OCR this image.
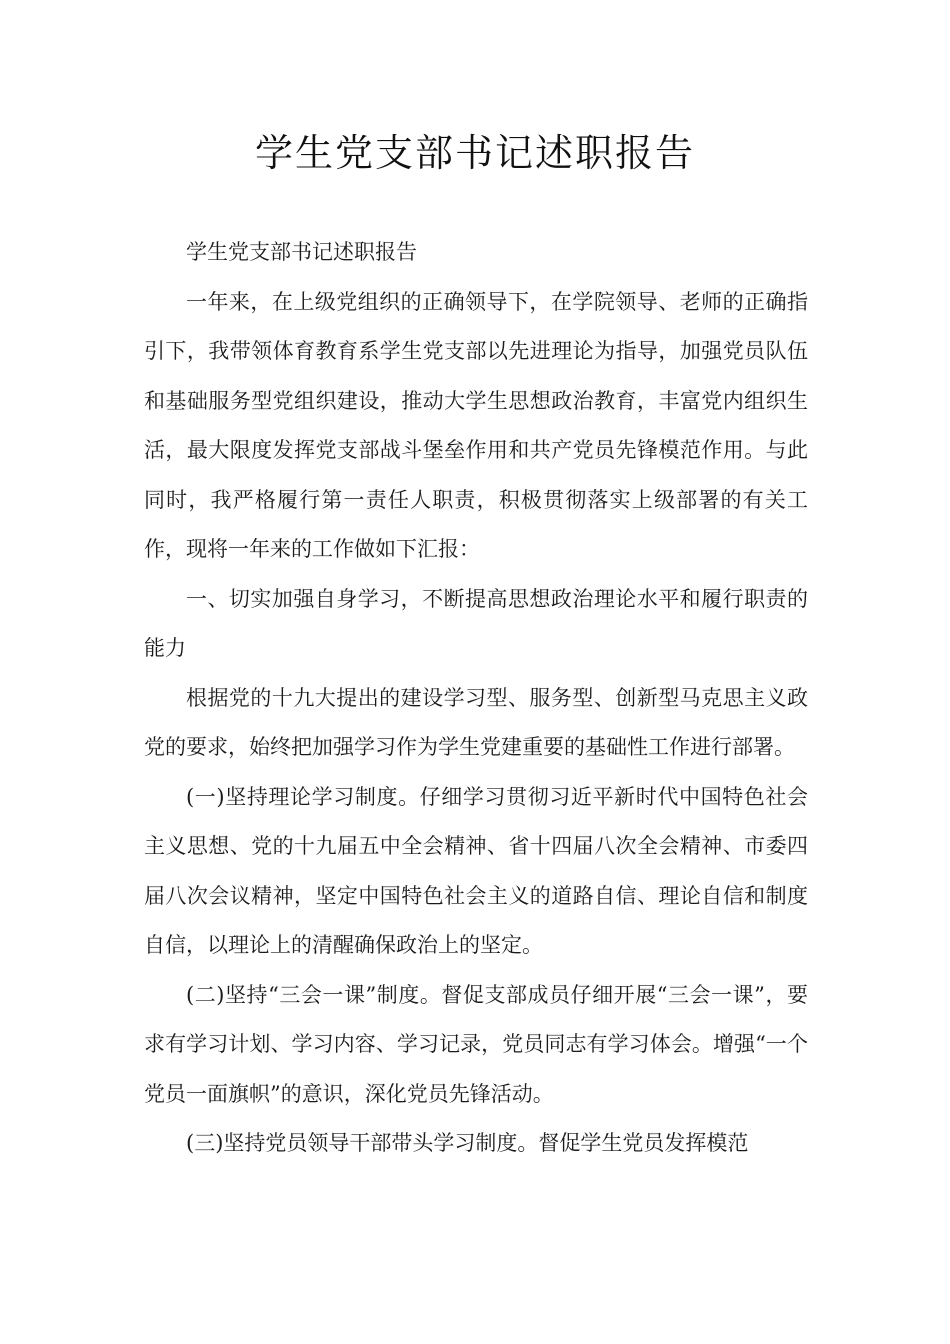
学生党支部书记述职报告

学生党支部书记述职报告

一年来，在上级党组织的正确领导下，在学院领导、老师的正确指引下，我带领体育教育系学生党支部以先进理论为指导，加强党员队伍和基础服务型党组织建设，推动大学生思想政治教育，丰富党内组织生活，最大限度发挥党支部战斗堡垒作用和共产党员先锋模范作用。与此同时，我严格履行第一责任人职责，积极贯彻落实上级部署的有关工作，现将一年来的工作做如下汇报：

一、切实加强自身学习，不断提高思想政治理论水平和履行职责的能力

根据党的十九大提出的建设学习型、服务型、创新型马克思主义政党的要求，始终把加强学习作为学生党建重要的基础性工作进行部署。

(一)坚持理论学习制度。仔细学习贯彻习近平新时代中国特色社会主义思想、党的十九届五中全会精神、省十四届八次全会精神、市委四届八次会议精神，坚定中国特色社会主义的道路自信、理论自信和制度自信，以理论上的清醒确保政治上的坚定。

(二)坚持“三会一课”制度。督促支部成员仔细开展“三会一课”，要求有学习计划、学习内容、学习记录，党员同志有学习体会。增强“一个党员一面旗帜”的意识，深化党员先锋活动。

(三)坚持党员领导干部带头学习制度。督促学生党员发挥模范
